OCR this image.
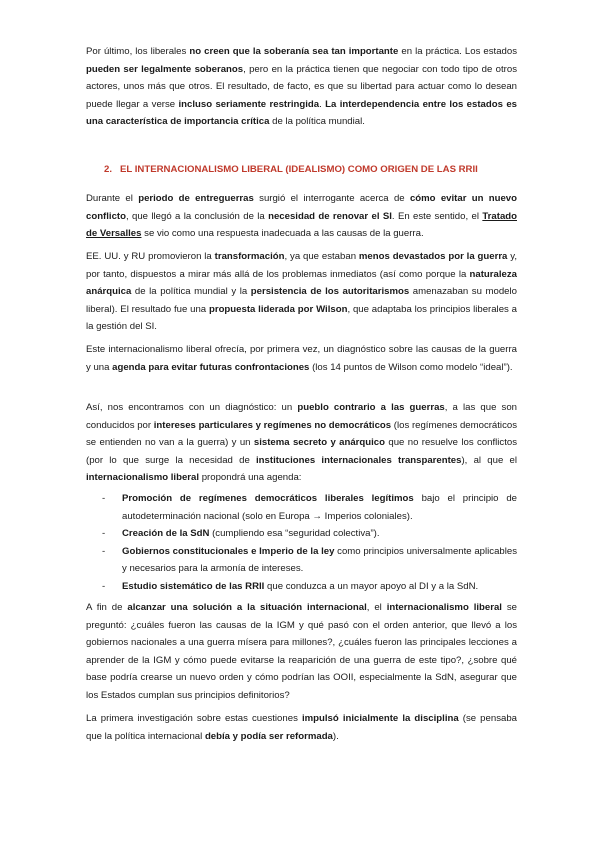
Por último, los liberales no creen que la soberanía sea tan importante en la práctica. Los estados pueden ser legalmente soberanos, pero en la práctica tienen que negociar con todo tipo de otros actores, unos más que otros. El resultado, de facto, es que su libertad para actuar como lo desean puede llegar a verse incluso seriamente restringida. La interdependencia entre los estados es una característica de importancia crítica de la política mundial.

2. EL INTERNACIONALISMO LIBERAL (IDEALISMO) COMO ORIGEN DE LAS RRII

Durante el periodo de entreguerras surgió el interrogante acerca de cómo evitar un nuevo conflicto, que llegó a la conclusión de la necesidad de renovar el SI. En este sentido, el Tratado de Versalles se vio como una respuesta inadecuada a las causas de la guerra.

EE. UU. y RU promovieron la transformación, ya que estaban menos devastados por la guerra y, por tanto, dispuestos a mirar más allá de los problemas inmediatos (así como porque la naturaleza anárquica de la política mundial y la persistencia de los autoritarismos amenazaban su modelo liberal). El resultado fue una propuesta liderada por Wilson, que adaptaba los principios liberales a la gestión del SI.

Este internacionalismo liberal ofrecía, por primera vez, un diagnóstico sobre las causas de la guerra y una agenda para evitar futuras confrontaciones (los 14 puntos de Wilson como modelo “ideal”).

Así, nos encontramos con un diagnóstico: un pueblo contrario a las guerras, a las que son conducidos por intereses particulares y regímenes no democráticos (los regímenes democráticos se entienden no van a la guerra) y un sistema secreto y anárquico que no resuelve los conflictos (por lo que surge la necesidad de instituciones internacionales transparentes), al que el internacionalismo liberal propondrá una agenda:

- Promoción de regímenes democráticos liberales legítimos bajo el principio de autodeterminación nacional (solo en Europa → Imperios coloniales).
- Creación de la SdN (cumpliendo esa “seguridad colectiva”).
- Gobiernos constitucionales e Imperio de la ley como principios universalmente aplicables y necesarios para la armonía de intereses.
- Estudio sistemático de las RRII que conduzca a un mayor apoyo al DI y a la SdN.

A fin de alcanzar una solución a la situación internacional, el internacionalismo liberal se preguntó: ¿cuáles fueron las causas de la IGM y qué pasó con el orden anterior, que llevó a los gobiernos nacionales a una guerra mísera para millones?, ¿cuáles fueron las principales lecciones a aprender de la IGM y cómo puede evitarse la reaparición de una guerra de este tipo?, ¿sobre qué base podría crearse un nuevo orden y cómo podrían las OOII, especialmente la SdN, asegurar que los Estados cumplan sus principios definitorios?

La primera investigación sobre estas cuestiones impulsó inicialmente la disciplina (se pensaba que la política internacional debía y podía ser reformada).
